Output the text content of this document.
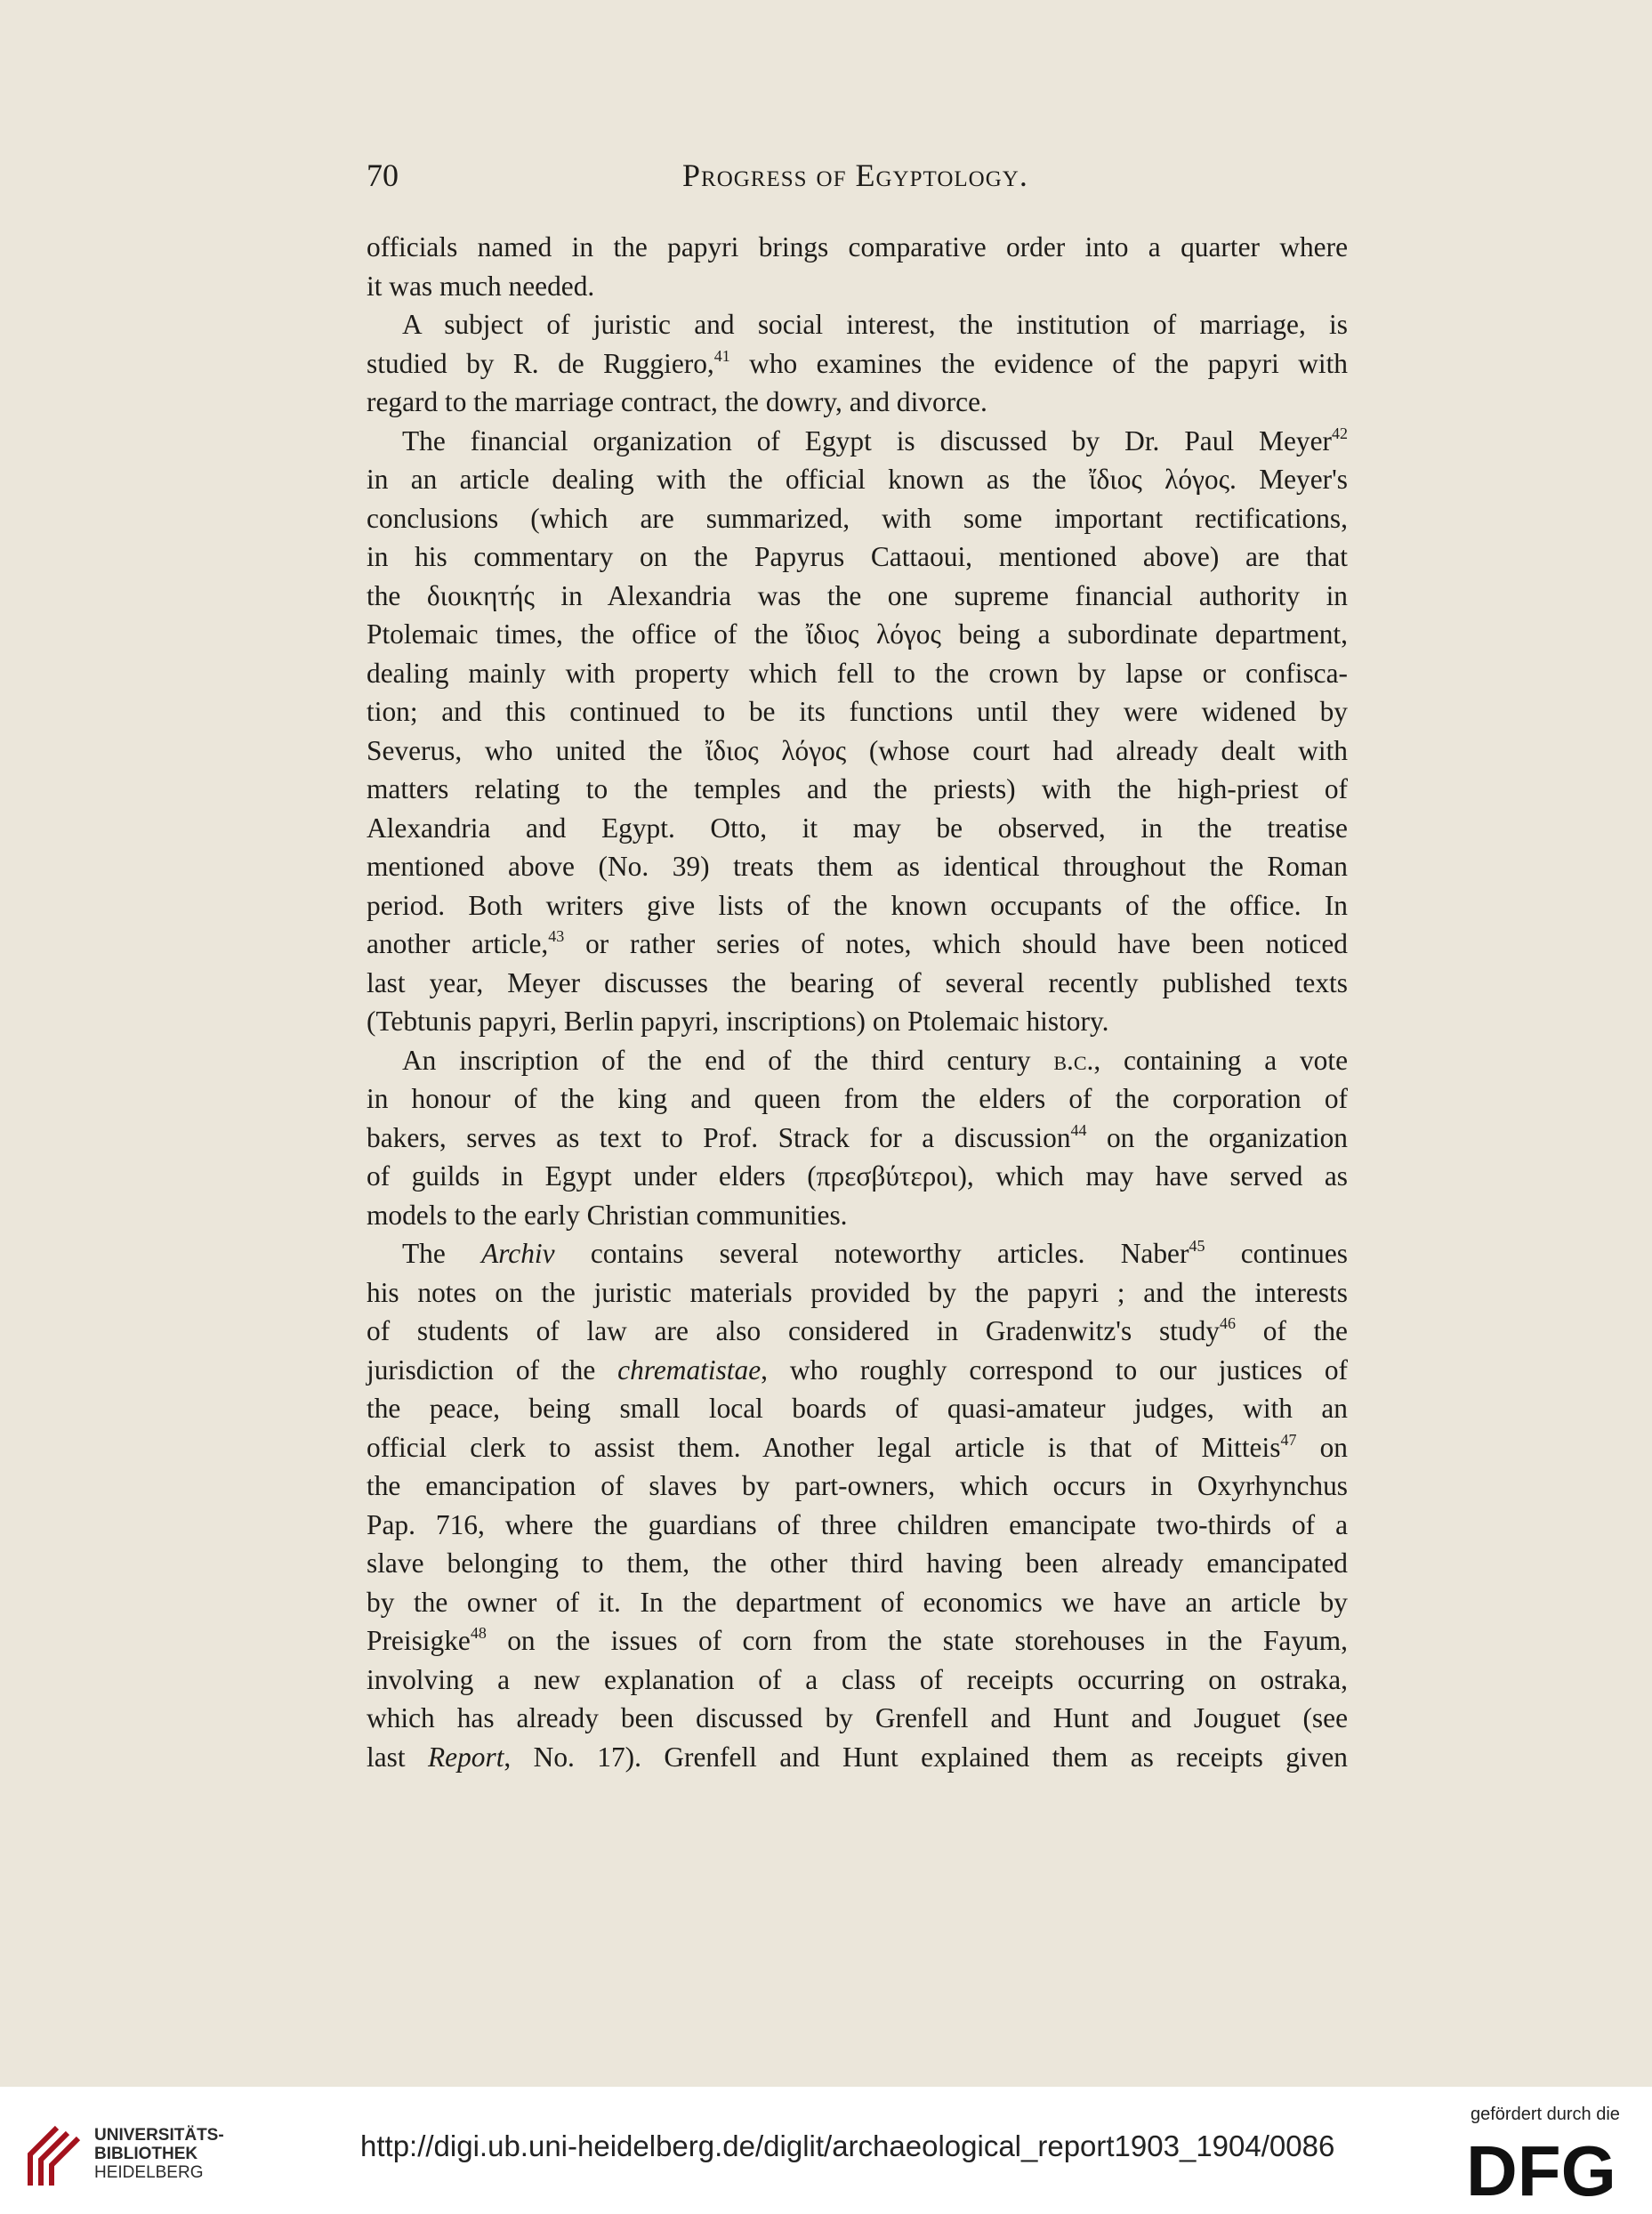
70	Progress of Egyptology.
officials named in the papyri brings comparative order into a quarter where
it was much needed.
A subject of juristic and social interest, the institution of marriage, is
studied by R. de Ruggiero,$^{41}$ who examines the evidence of the papyri with
regard to the marriage contract, the dowry, and divorce.
The financial organization of Egypt is discussed by Dr. Paul Meyer$^{42}$
in an article dealing with the official known as the ἴδιος λόγος. Meyer's
conclusions (which are summarized, with some important rectifications,
in his commentary on the Papyrus Cattaoui, mentioned above) are that
the διοικητής in Alexandria was the one supreme financial authority in
Ptolemaic times, the office of the ἴδιος λόγος being a subordinate department,
dealing mainly with property which fell to the crown by lapse or confisca-
tion; and this continued to be its functions until they were widened by
Severus, who united the ἴδιος λόγος (whose court had already dealt with
matters relating to the temples and the priests) with the high-priest of
Alexandria and Egypt. Otto, it may be observed, in the treatise
mentioned above (No. 39) treats them as identical throughout the Roman
period. Both writers give lists of the known occupants of the office. In
another article,$^{43}$ or rather series of notes, which should have been noticed
last year, Meyer discusses the bearing of several recently published texts
(Tebtunis papyri, Berlin papyri, inscriptions) on Ptolemaic history.
An inscription of the end of the third century b.c., containing a vote
in honour of the king and queen from the elders of the corporation of
bakers, serves as text to Prof. Strack for a discussion$^{44}$ on the organization
of guilds in Egypt under elders (πρεσβύτεροι), which may have served as
models to the early Christian communities.
The Archiv contains several noteworthy articles. Naber$^{45}$ continues
his notes on the juristic materials provided by the papyri ; and the interests
of students of law are also considered in Gradenwitz's study$^{46}$ of the
jurisdiction of the chrematistae, who roughly correspond to our justices of
the peace, being small local boards of quasi-amateur judges, with an
official clerk to assist them. Another legal article is that of Mitteis$^{47}$ on
the emancipation of slaves by part-owners, which occurs in Oxyrhynchus
Pap. 716, where the guardians of three children emancipate two-thirds of a
slave belonging to them, the other third having been already emancipated
by the owner of it. In the department of economics we have an article by
Preisigke$^{48}$ on the issues of corn from the state storehouses in the Fayum,
involving a new explanation of a class of receipts occurring on ostraka,
which has already been discussed by Grenfell and Hunt and Jouguet (see
last Report, No. 17). Grenfell and Hunt explained them as receipts given
UNIVERSITÄTS-
BIBLIOTHEK
HEIDELBERG
http://digi.ub.uni-heidelberg.de/diglit/archaeological_report1903_1904/0086
gefördert durch die
DFG
